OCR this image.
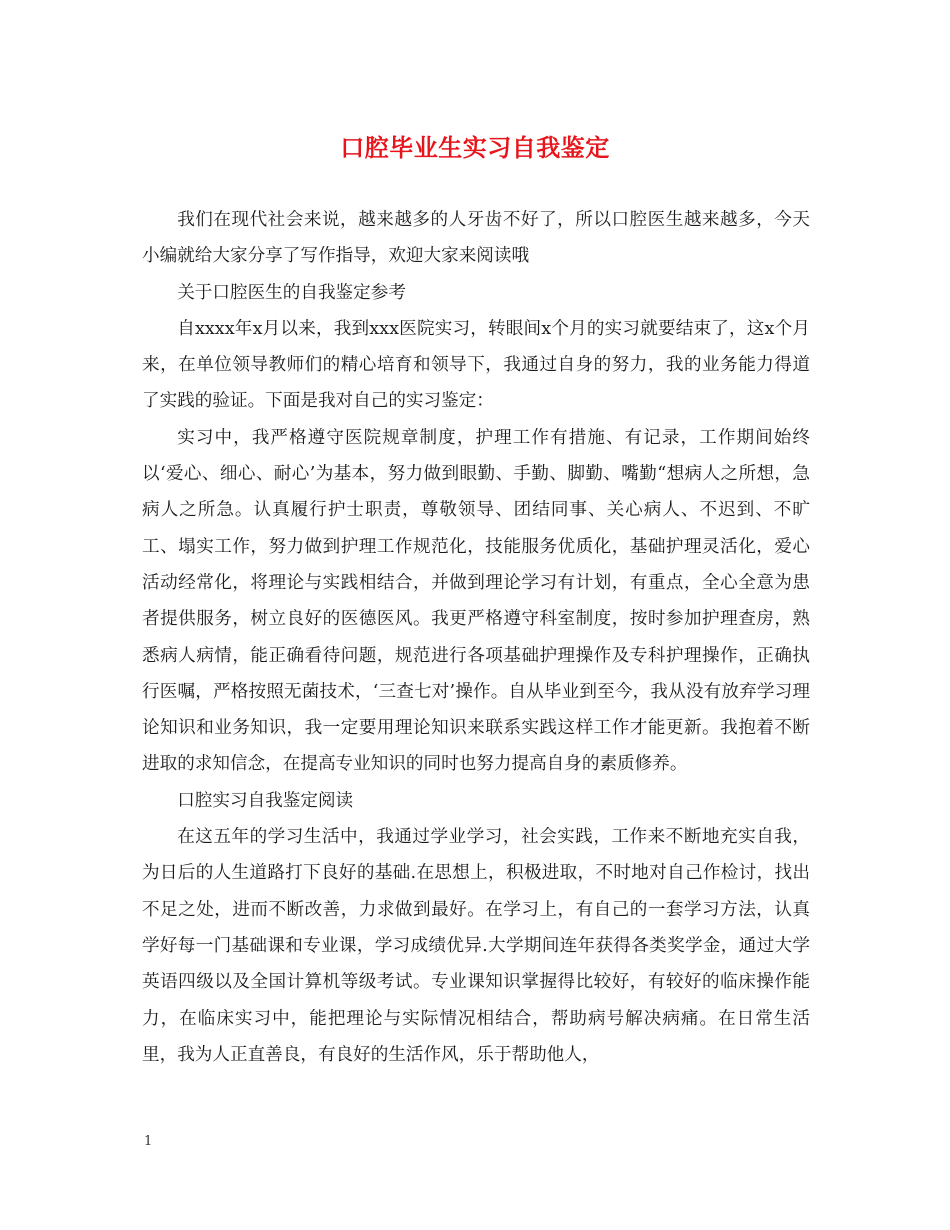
口腔毕业生实习自我鉴定

我们在现代社会来说，越来越多的人牙齿不好了，所以口腔医生越来越多，今天小编就给大家分享了写作指导，欢迎大家来阅读哦

关于口腔医生的自我鉴定参考

自xxxx年x月以来，我到xxx医院实习，转眼间x个月的实习就要结束了，这x个月来，在单位领导教师们的精心培育和领导下，我通过自身的努力，我的业务能力得道了实践的验证。下面是我对自己的实习鉴定：

实习中，我严格遵守医院规章制度，护理工作有措施、有记录，工作期间始终以‘爱心、细心、耐心’为基本，努力做到眼勤、手勤、脚勤、嘴勤“想病人之所想，急病人之所急。认真履行护士职责，尊敬领导、团结同事、关心病人、不迟到、不旷工、塌实工作，努力做到护理工作规范化，技能服务优质化，基础护理灵活化，爱心活动经常化，将理论与实践相结合，并做到理论学习有计划，有重点，全心全意为患者提供服务，树立良好的医德医风。我更严格遵守科室制度，按时参加护理查房，熟悉病人病情，能正确看待问题，规范进行各项基础护理操作及专科护理操作，正确执行医嘱，严格按照无菌技术，‘三查七对’操作。自从毕业到至今，我从没有放弃学习理论知识和业务知识，我一定要用理论知识来联系实践这样工作才能更新。我抱着不断进取的求知信念，在提高专业知识的同时也努力提高自身的素质修养。

口腔实习自我鉴定阅读

在这五年的学习生活中，我通过学业学习，社会实践，工作来不断地充实自我，为日后的人生道路打下良好的基础.在思想上，积极进取，不时地对自己作检讨，找出不足之处，进而不断改善，力求做到最好。在学习上，有自己的一套学习方法，认真学好每一门基础课和专业课，学习成绩优异.大学期间连年获得各类奖学金，通过大学英语四级以及全国计算机等级考试。专业课知识掌握得比较好，有较好的临床操作能力，在临床实习中，能把理论与实际情况相结合，帮助病号解决病痛。在日常生活里，我为人正直善良，有良好的生活作风，乐于帮助他人，

1
